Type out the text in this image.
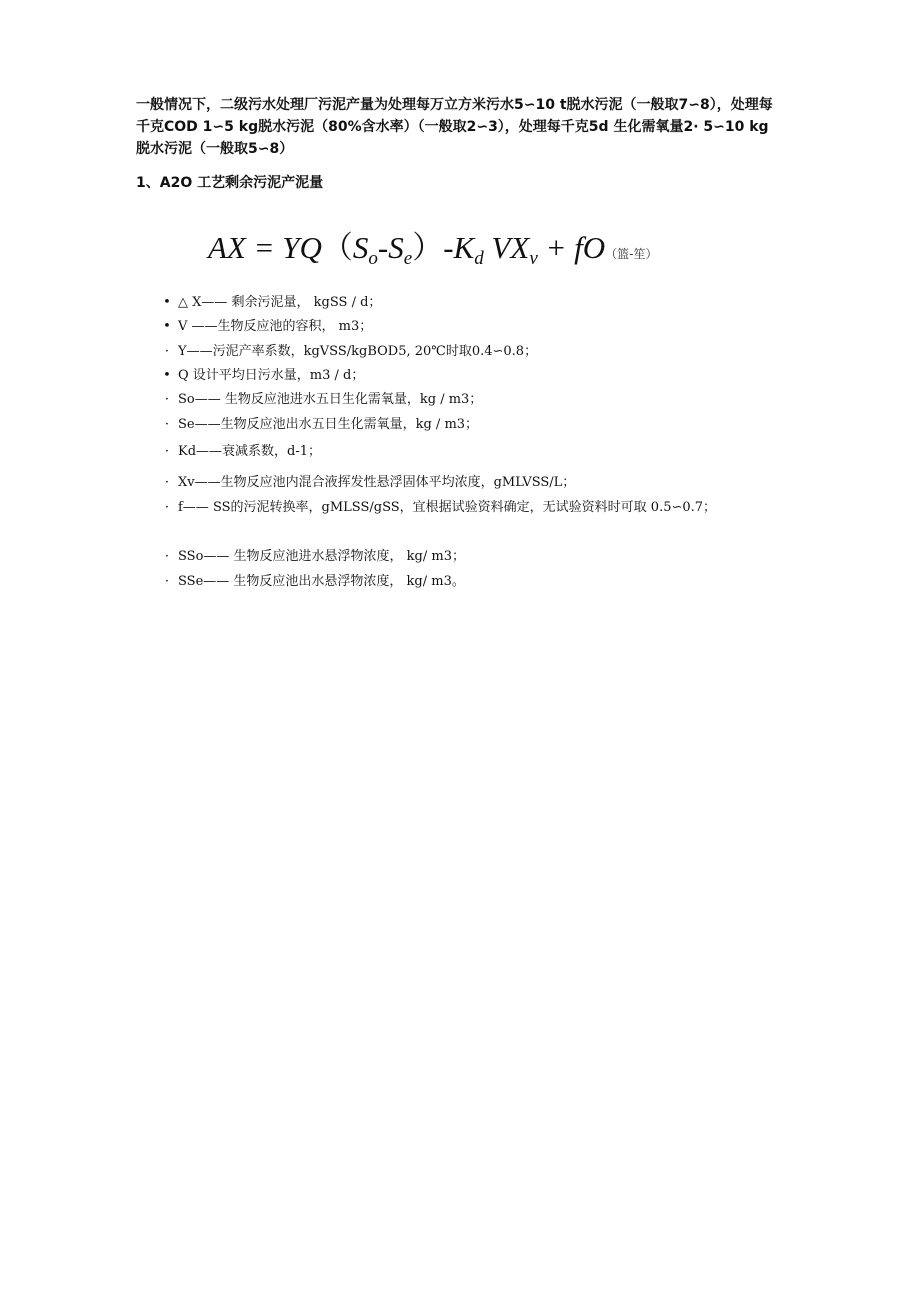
一般情况下，二级污水处理厂污泥产量为处理每万立方米污水5∽10 t脱水污泥（一般取7∽8），处理每千克COD 1∽5 kg脱水污泥（80%含水率）（一般取2∽3），处理每千克5d 生化需氧量2· 5∽10 kg脱水污泥（一般取5∽8）

1、A2O 工艺剩余污泥产泥量

AX = $YQ(S_o-S_e)-K_d$ $VX_v + fO$（篮-笙）
• △ X—— 剩余污泥量， kgSS / d；
• V ——生物反应池的容积， m3；
· Y——污泥产率系数，kgVSS/kgBOD5, 20℃时取0.4∽0.8；
• Q 设计平均日污水量，m3 / d；
· So—— 生物反应池进水五日生化需氧量，kg / m3；
· Se——生物反应池出水五日生化需氧量，kg / m3；
· Kd——衰减系数，d-1；
· Xv——生物反应池内混合液挥发性悬浮固体平均浓度，gMLVSS/L；
· f—— SS的污泥转换率，gMLSS/gSS，宜根据试验资料确定，无试验资料时可取 0.5∽0.7；
· SSo—— 生物反应池进水悬浮物浓度， kg/ m3；
· SSe—— 生物反应池出水悬浮物浓度， kg/ m3。
